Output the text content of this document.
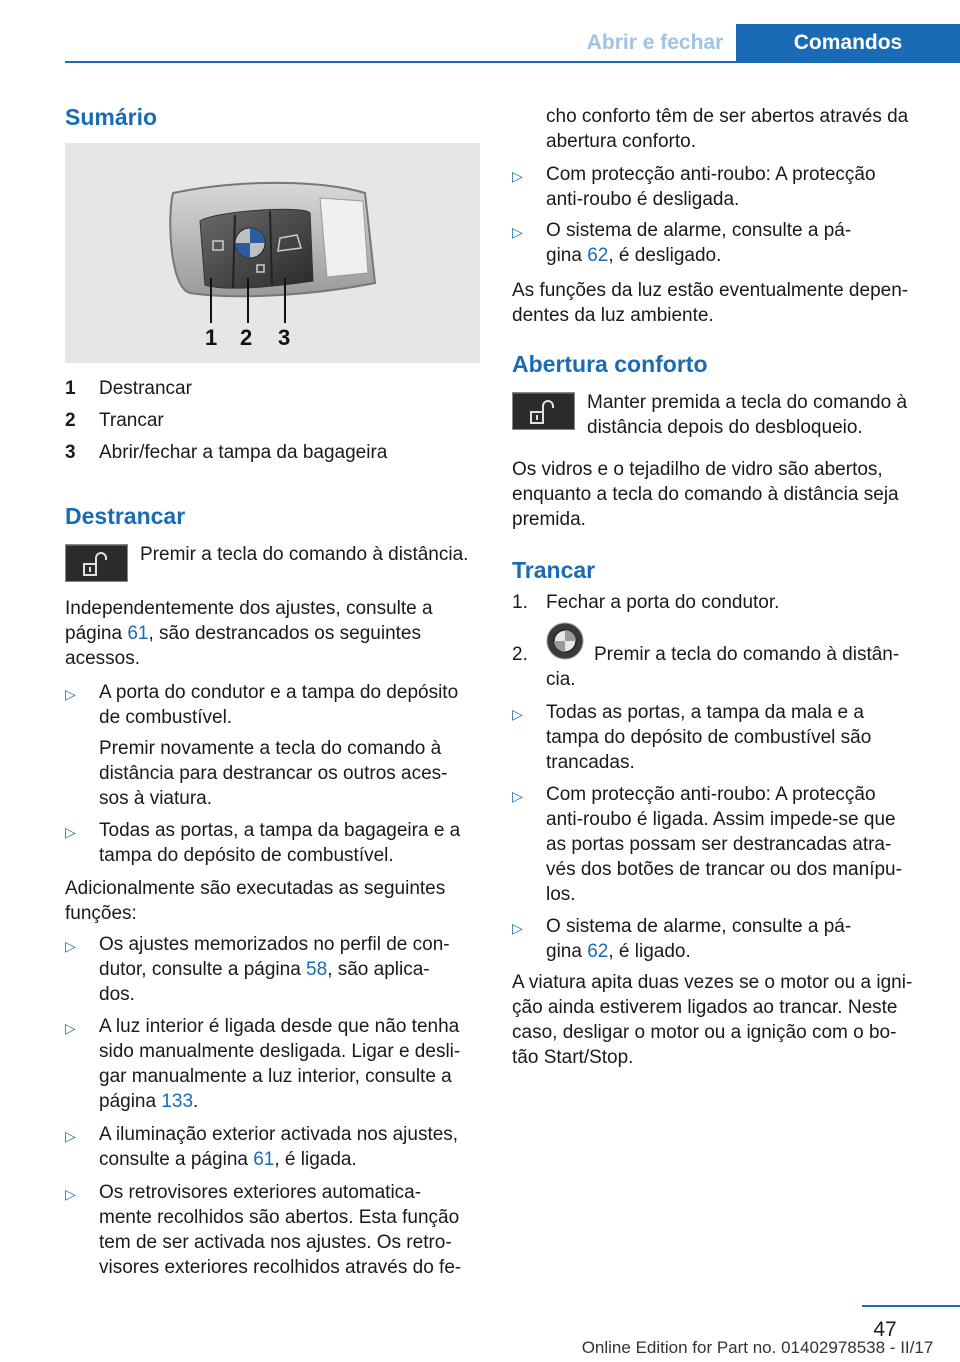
Abrir e fechar	Comandos
Sumário
1 2 3
1 Destrancar
2 Trancar
3 Abrir/fechar a tampa da bagageira
Destrancar
Premir a tecla do comando à distância.
Independentemente dos ajustes, consulte a
página 61, são destrancados os seguintes
acessos.
▷ A porta do condutor e a tampa do depósito
de combustível.
Premir novamente a tecla do comando à
distância para destrancar os outros aces‐
sos à viatura.
▷ Todas as portas, a tampa da bagageira e a
tampa do depósito de combustível.
Adicionalmente são executadas as seguintes
funções:
▷ Os ajustes memorizados no perfil de con‐
dutor, consulte a página 58, são aplica‐
dos.
▷ A luz interior é ligada desde que não tenha
sido manualmente desligada. Ligar e desli‐
gar manualmente a luz interior, consulte a
página 133.
▷ A iluminação exterior activada nos ajustes,
consulte a página 61, é ligada.
▷ Os retrovisores exteriores automatica‐
mente recolhidos são abertos. Esta função
tem de ser activada nos ajustes. Os retro‐
visores exteriores recolhidos através do fe‐
cho conforto têm de ser abertos através da
abertura conforto.
▷ Com protecção anti-roubo: A protecção
anti-roubo é desligada.
▷ O sistema de alarme, consulte a pá‐
gina 62, é desligado.
As funções da luz estão eventualmente depen‐
dentes da luz ambiente.
Abertura conforto
Manter premida a tecla do comando à
distância depois do desbloqueio.
Os vidros e o tejadilho de vidro são abertos,
enquanto a tecla do comando à distância seja
premida.
Trancar
1. Fechar a porta do condutor.
2.	Premir a tecla do comando à distân‐
cia.
▷ Todas as portas, a tampa da mala e a
tampa do depósito de combustível são
trancadas.
▷ Com protecção anti-roubo: A protecção
anti-roubo é ligada. Assim impede-se que
as portas possam ser destrancadas atra‐
vés dos botões de trancar ou dos manípu‐
los.
▷ O sistema de alarme, consulte a pá‐
gina 62, é ligado.
A viatura apita duas vezes se o motor ou a igni‐
ção ainda estiverem ligados ao trancar. Neste
caso, desligar o motor ou a ignição com o bo‐
tão Start/Stop.
47
Online Edition for Part no. 01402978538 - II/17
